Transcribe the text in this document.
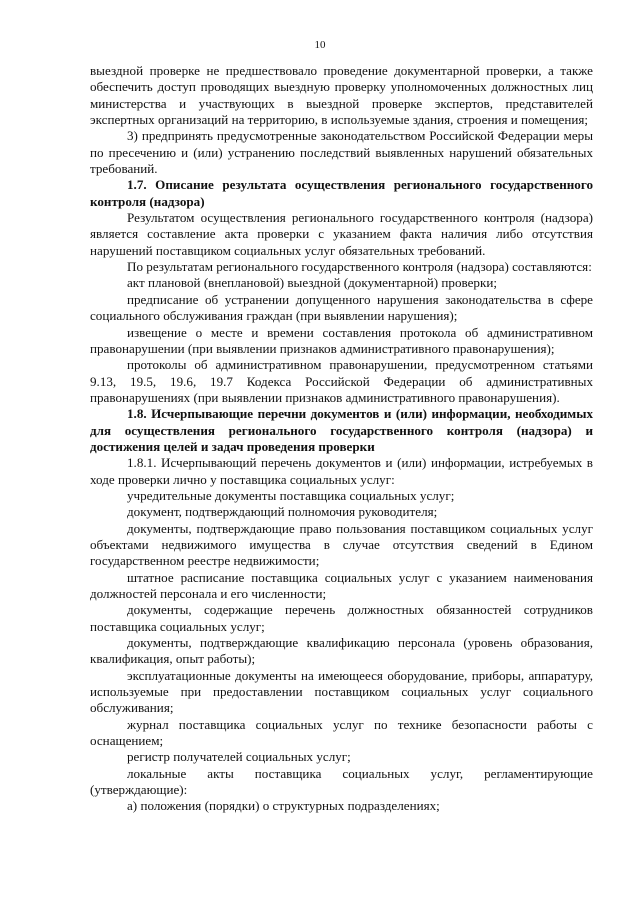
10

выездной проверке не предшествовало проведение документарной проверки, а также обеспечить доступ проводящих выездную проверку уполномоченных должностных лиц министерства и участвующих в выездной проверке экспертов, представителей экспертных организаций на территорию, в используемые здания, строения и помещения;

3) предпринять предусмотренные законодательством Российской Федерации меры по пресечению и (или) устранению последствий выявленных нарушений обязательных требований.

1.7. Описание результата осуществления регионального государственного контроля (надзора)

Результатом осуществления регионального государственного контроля (надзора) является составление акта проверки с указанием факта наличия либо отсутствия нарушений поставщиком социальных услуг обязательных требований.

По результатам регионального государственного контроля (надзора) составляются:

акт плановой (внеплановой) выездной (документарной) проверки;

предписание об устранении допущенного нарушения законодательства в сфере социального обслуживания граждан (при выявлении нарушения);

извещение о месте и времени составления протокола об административном правонарушении (при выявлении признаков административного правонарушения);

протоколы об административном правонарушении, предусмотренном статьями 9.13, 19.5, 19.6, 19.7 Кодекса Российской Федерации об административных правонарушениях (при выявлении признаков административного правонарушения).

1.8. Исчерпывающие перечни документов и (или) информации, необходимых для осуществления регионального государственного контроля (надзора) и достижения целей и задач проведения проверки

1.8.1. Исчерпывающий перечень документов и (или) информации, истребуемых в ходе проверки лично у поставщика социальных услуг:

учредительные документы поставщика социальных услуг;

документ, подтверждающий полномочия руководителя;

документы, подтверждающие право пользования поставщиком социальных услуг объектами недвижимого имущества в случае отсутствия сведений в Едином государственном реестре недвижимости;

штатное расписание поставщика социальных услуг с указанием наименования должностей персонала и его численности;

документы, содержащие перечень должностных обязанностей сотрудников поставщика социальных услуг;

документы, подтверждающие квалификацию персонала (уровень образования, квалификация, опыт работы);

эксплуатационные документы на имеющееся оборудование, приборы, аппаратуру, используемые при предоставлении поставщиком социальных услуг социального обслуживания;

журнал поставщика социальных услуг по технике безопасности работы с оснащением;

регистр получателей социальных услуг;

локальные акты поставщика социальных услуг, регламентирующие (утверждающие):

а) положения (порядки) о структурных подразделениях;
